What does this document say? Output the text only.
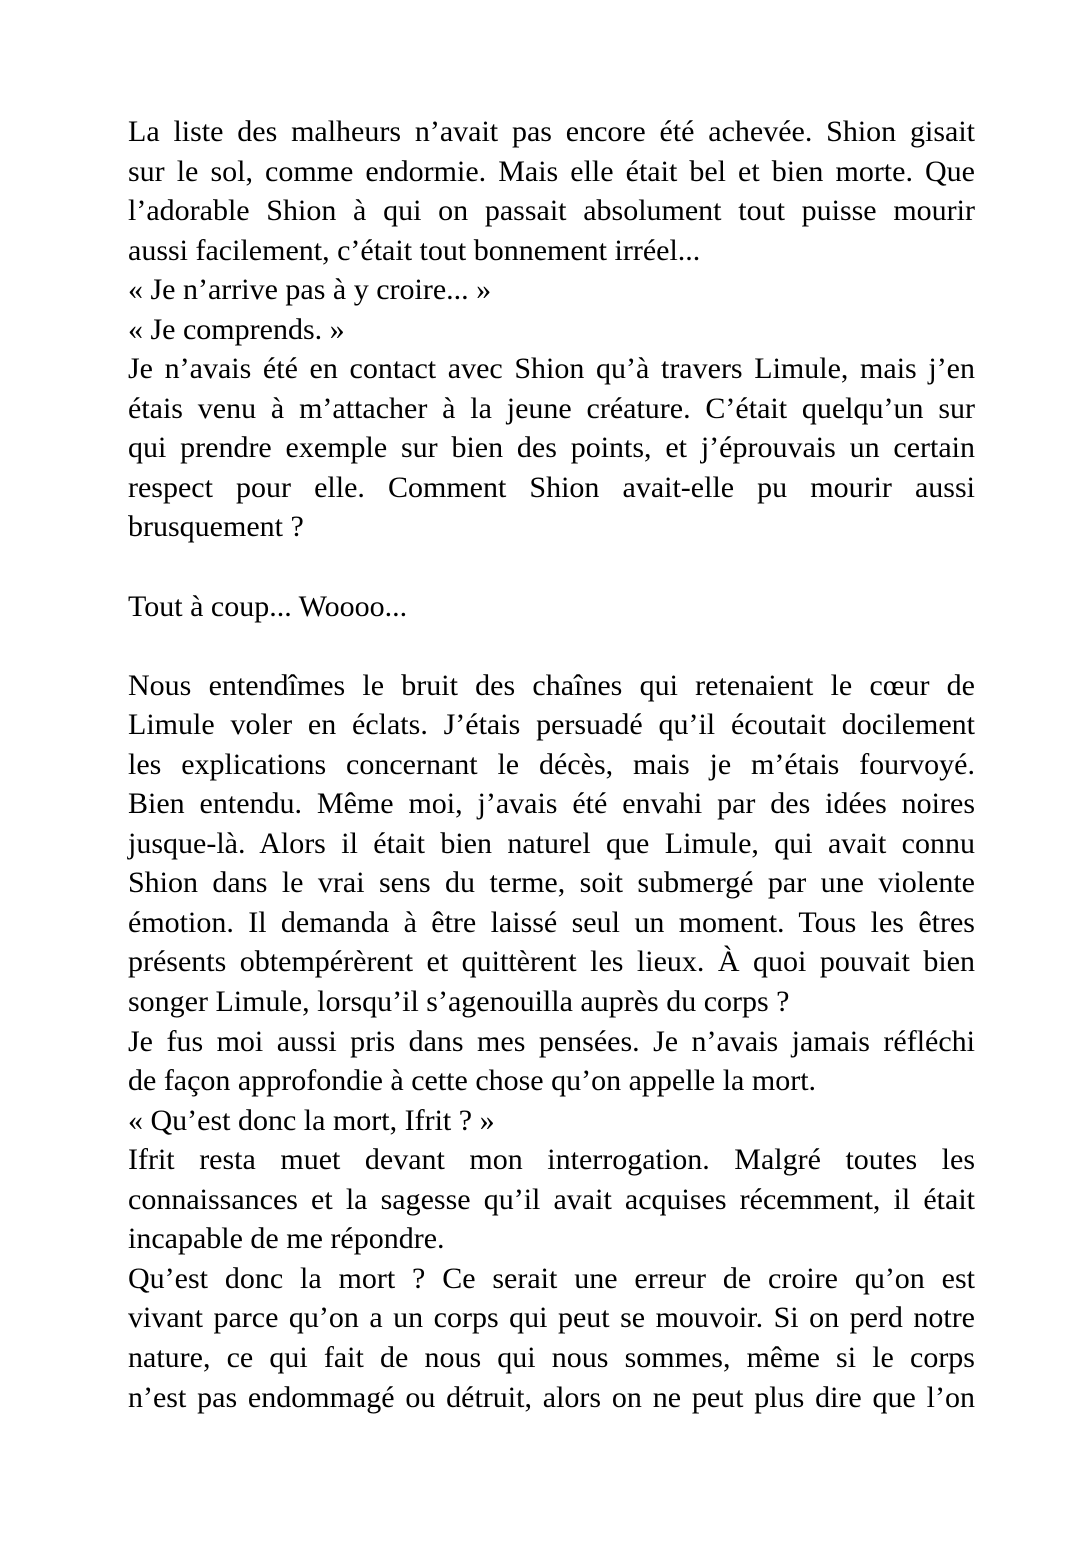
La liste des malheurs n’avait pas encore été achevée. Shion gisait
sur le sol, comme endormie. Mais elle était bel et bien morte. Que
l’adorable Shion à qui on passait absolument tout puisse mourir
aussi facilement, c’était tout bonnement irréel...
« Je n’arrive pas à y croire... »
« Je comprends. »
Je n’avais été en contact avec Shion qu’à travers Limule, mais j’en
étais venu à m’attacher à la jeune créature. C’était quelqu’un sur
qui prendre exemple sur bien des points, et j’éprouvais un certain
respect pour elle. Comment Shion avait-elle pu mourir aussi
brusquement ?
Tout à coup... Woooo...
Nous entendîmes le bruit des chaînes qui retenaient le cœur de
Limule voler en éclats. J’étais persuadé qu’il écoutait docilement
les explications concernant le décès, mais je m’étais fourvoyé.
Bien entendu. Même moi, j’avais été envahi par des idées noires
jusque-là. Alors il était bien naturel que Limule, qui avait connu
Shion dans le vrai sens du terme, soit submergé par une violente
émotion. Il demanda à être laissé seul un moment. Tous les êtres
présents obtempérèrent et quittèrent les lieux. À quoi pouvait bien
songer Limule, lorsqu’il s’agenouilla auprès du corps ?
Je fus moi aussi pris dans mes pensées. Je n’avais jamais réfléchi
de façon approfondie à cette chose qu’on appelle la mort.
« Qu’est donc la mort, Ifrit ? »
Ifrit resta muet devant mon interrogation. Malgré toutes les
connaissances et la sagesse qu’il avait acquises récemment, il était
incapable de me répondre.
Qu’est donc la mort ? Ce serait une erreur de croire qu’on est
vivant parce qu’on a un corps qui peut se mouvoir. Si on perd notre
nature, ce qui fait de nous qui nous sommes, même si le corps
n’est pas endommagé ou détruit, alors on ne peut plus dire que l’on
